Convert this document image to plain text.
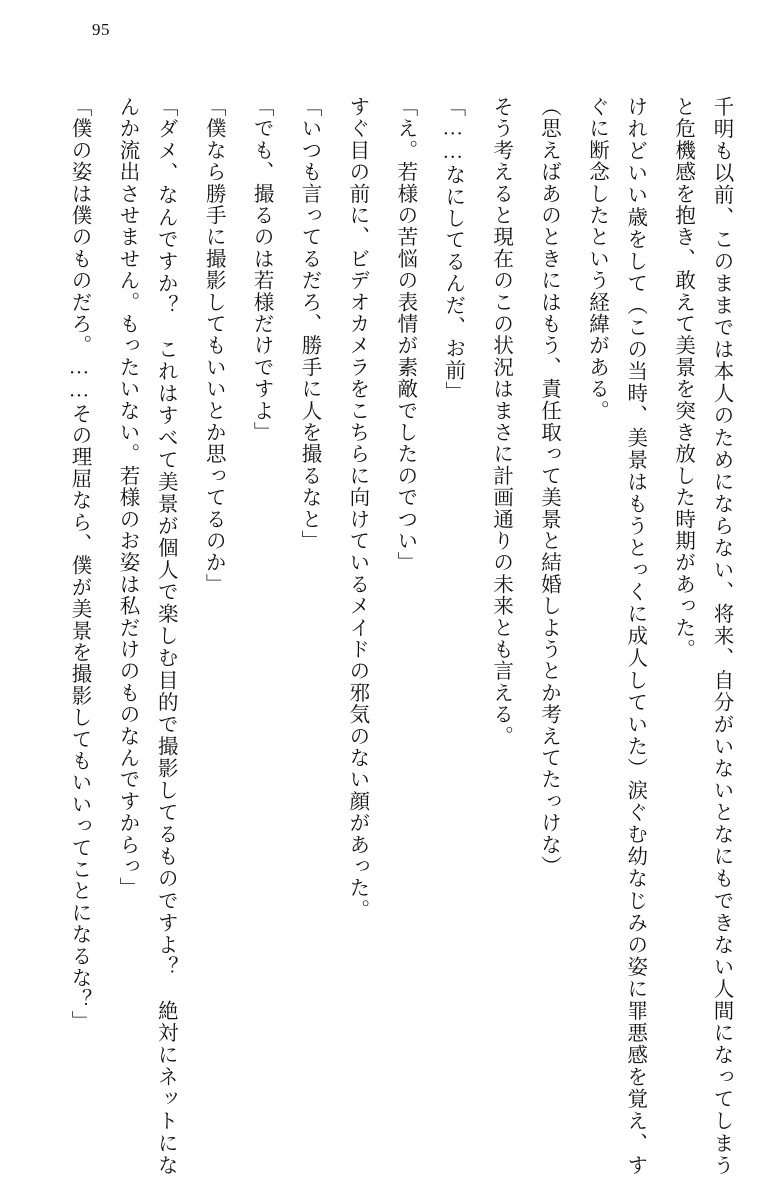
95

千明も以前、このままでは本人のためにならない、将来、自分がいないとなにもできない人間になってしまうと危機感を抱き、敢えて美景を突き放した時期があった。

けれどいい歳をして（この当時、美景はもうとっくに成人していた）涙ぐむ幼なじみの姿に罪悪感を覚え、すぐに断念したという経緯がある。

（思えばあのときにはもう、責任取って美景と結婚しようとか考えてたっけな）

そう考えると現在のこの状況はまさに計画通りの未来とも言える。

「……なにしてるんだ、お前」

「え。若様の苦悩の表情が素敵でしたのでつい」

すぐ目の前に、ビデオカメラをこちらに向けているメイドの邪気のない顔があった。

「いつも言ってるだろ、勝手に人を撮るなと」

「でも、撮るのは若様だけですよ」

「僕なら勝手に撮影してもいいとか思ってるのか」

「ダメ、なんですか？　これはすべて美景が個人で楽しむ目的で撮影してるものですよ？　絶対にネットになんか流出させません。もったいない。若様のお姿は私だけのものなんですからっ」

「僕の姿は僕のものだろ。……その理屈なら、僕が美景を撮影してもいいってことになるな？」
